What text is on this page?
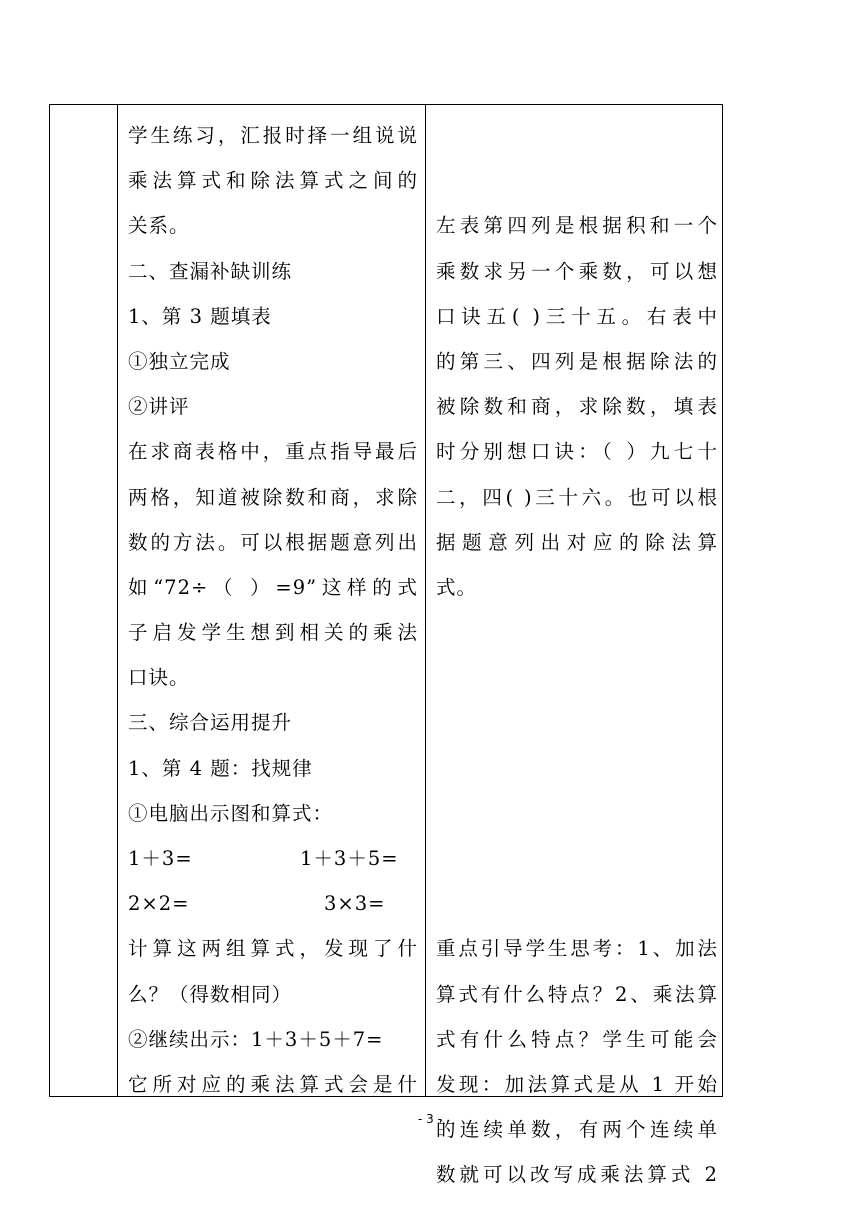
学生练习，汇报时择一组说说
乘法算式和除法算式之间的
关系。
二、查漏补缺训练
1、第 3 题填表
①独立完成
②讲评
在求商表格中，重点指导最后
两格，知道被除数和商，求除
数的方法。可以根据题意列出
如“72÷（ ）=9”这样的式
子启发学生想到相关的乘法
口诀。
三、综合运用提升
1、第 4 题：找规律
①电脑出示图和算式：
1＋3=	1＋3＋5=
2×2=	3×3=
计算这两组算式，发现了什
么？（得数相同）
②继续出示：1＋3＋5＋7=
它所对应的乘法算式会是什
左表第四列是根据积和一个
乘数求另一个乘数，可以想
口诀五( )三十五。右表中
的第三、四列是根据除法的
被除数和商，求除数，填表
时分别想口诀：（ ）九七十
二，四( )三十六。也可以根
据题意列出对应的除法算
式。
重点引导学生思考：1、加法
算式有什么特点？2、乘法算
式有什么特点？学生可能会
发现：加法算式是从 1 开始
的连续单数，有两个连续单
数就可以改写成乘法算式 2
- 3 -
